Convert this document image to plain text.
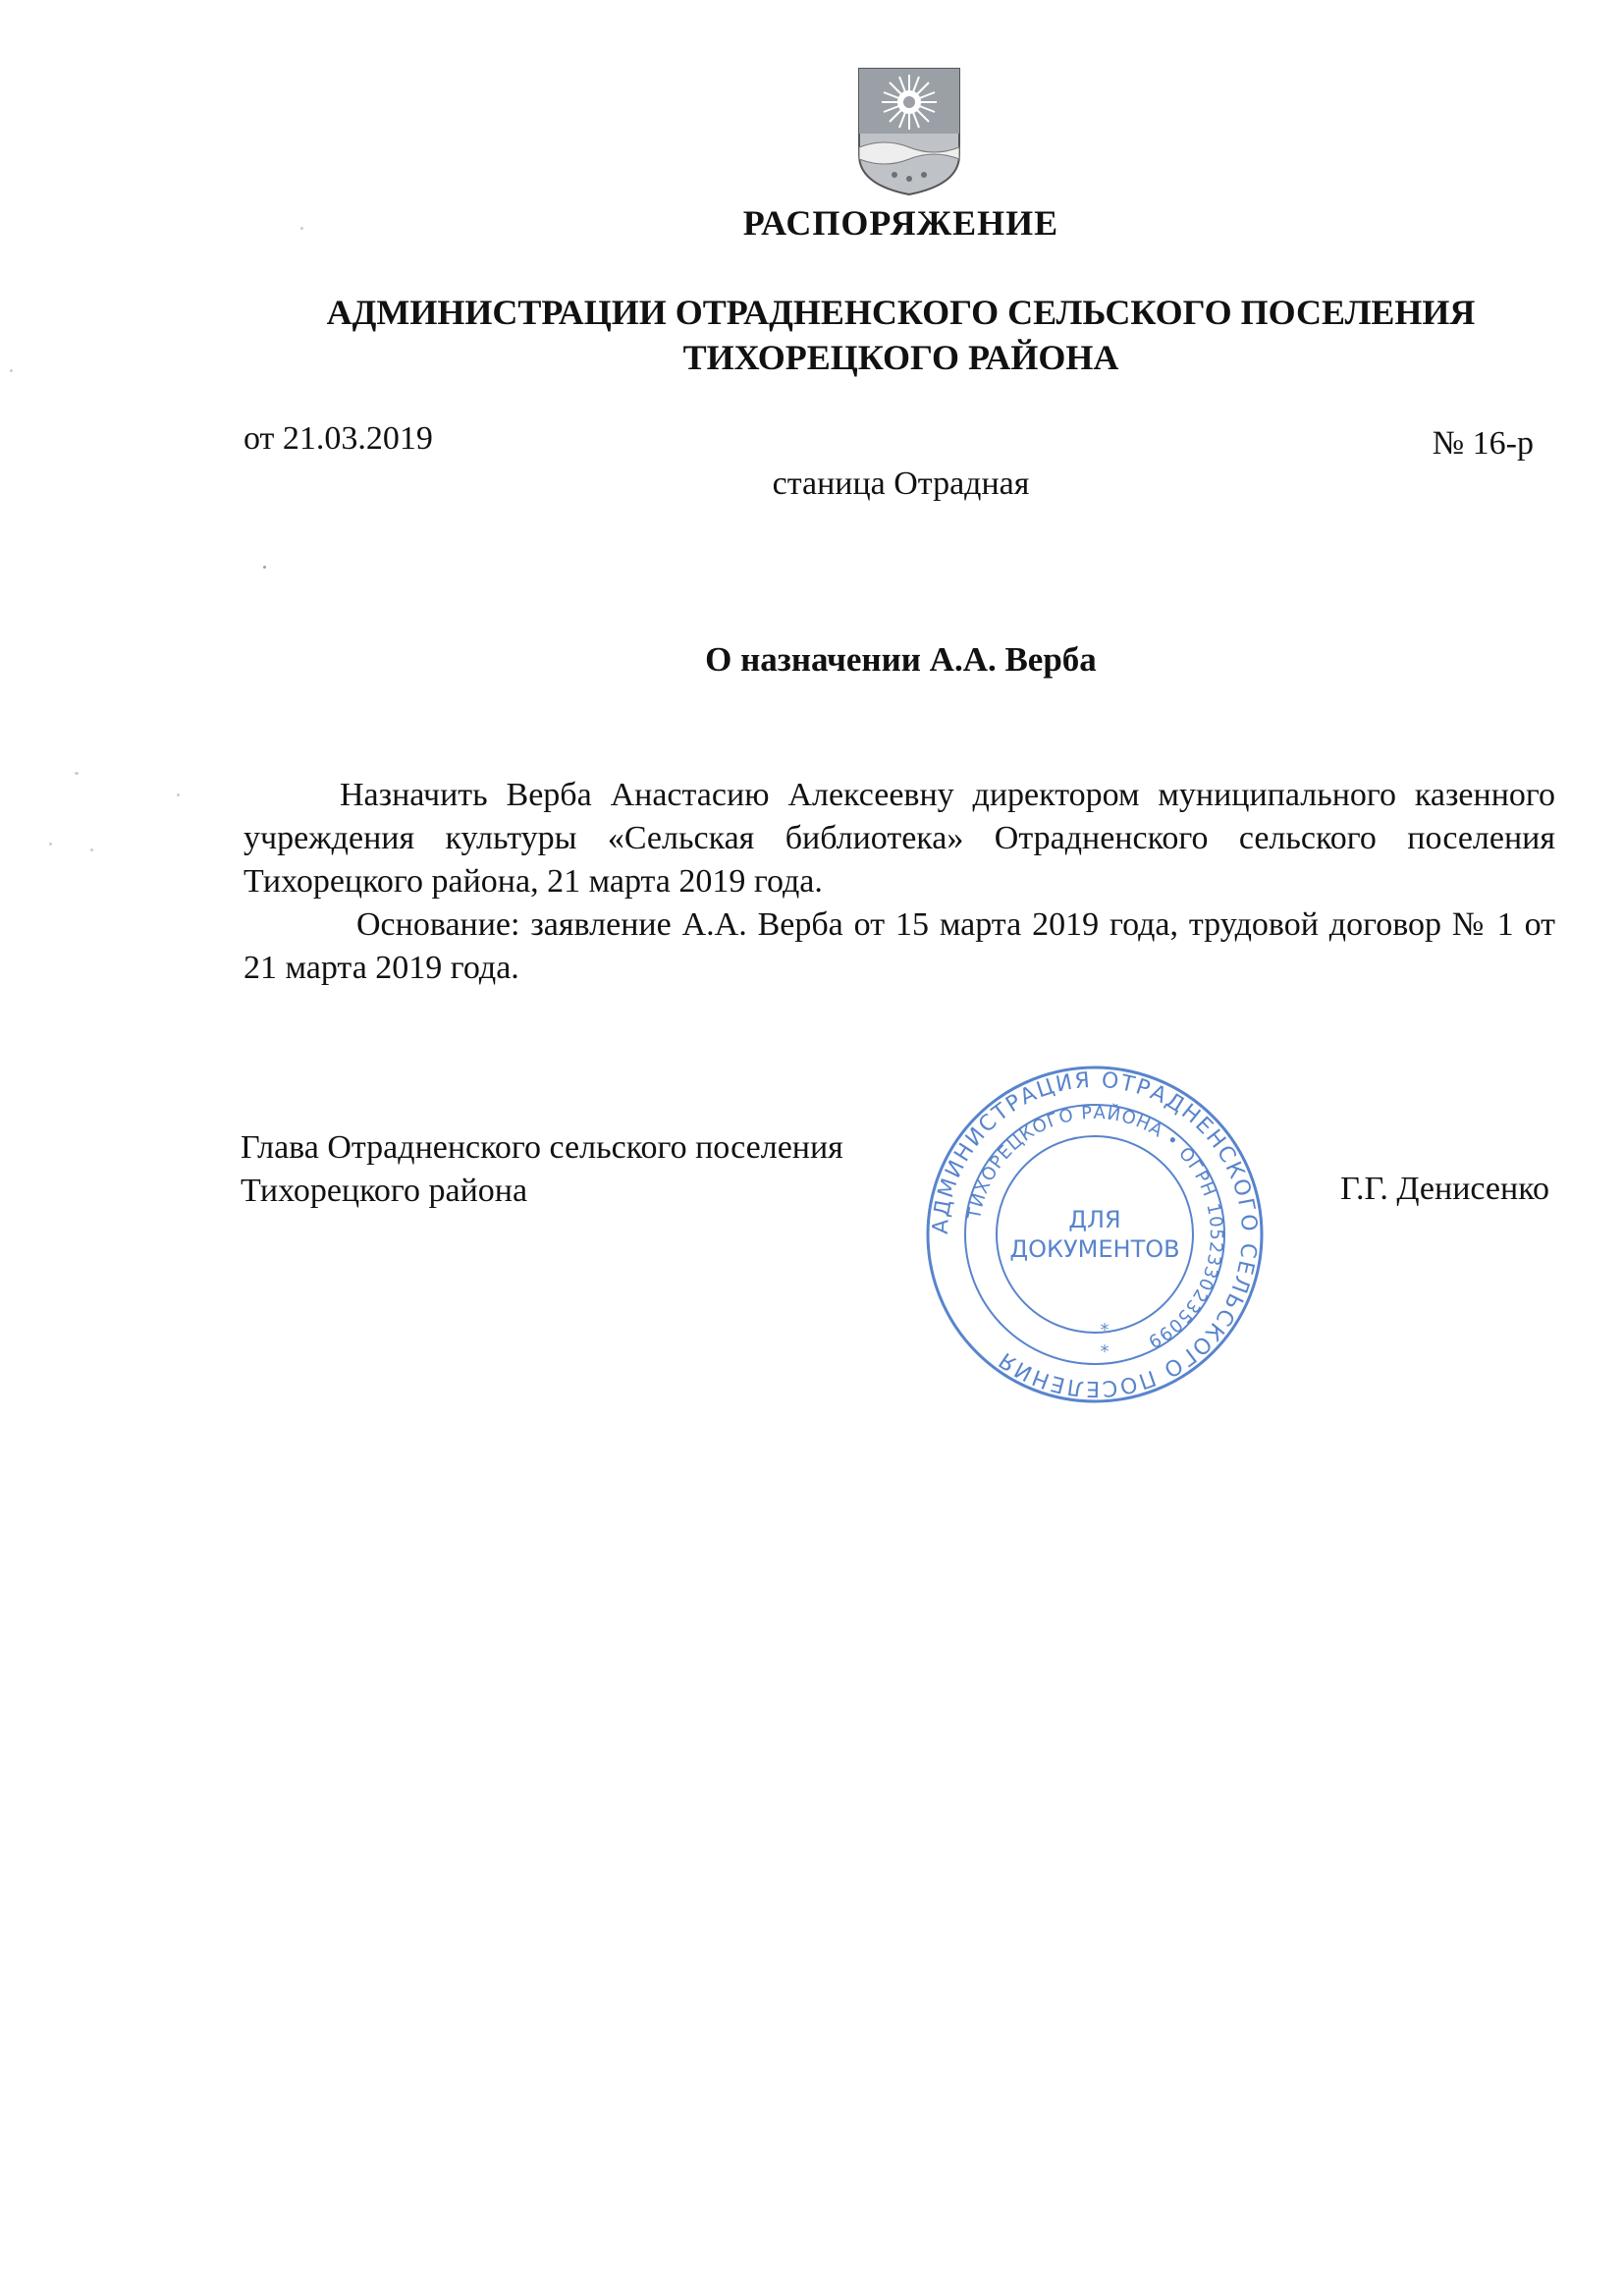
РАСПОРЯЖЕНИЕ
АДМИНИСТРАЦИИ ОТРАДНЕНСКОГО СЕЛЬСКОГО ПОСЕЛЕНИЯ
ТИХОРЕЦКОГО РАЙОНА
от 21.03.2019	№ 16-р
станица Отрадная
О назначении А.А. Верба

Назначить Верба Анастасию Алексеевну директором муниципального казенного учреждения культуры «Сельская библиотека» Отрадненского сельского поселения Тихорецкого района, 21 марта 2019 года.

Основание: заявление А.А. Верба от 15 марта 2019 года, трудовой договор № 1 от 21 марта 2019 года.

Глава Отрадненского сельского поселения
Тихорецкого района	Г.Г. Денисенко
АДМИНИСТРАЦИЯ ОТРАДНЕНСКОГО СЕЛЬСКОГО ПОСЕЛЕНИЯ
ТИХОРЕЦКОГО РАЙОНА • ОГРН 1052330235099
ДЛЯ
ДОКУМЕНТОВ
*
*
